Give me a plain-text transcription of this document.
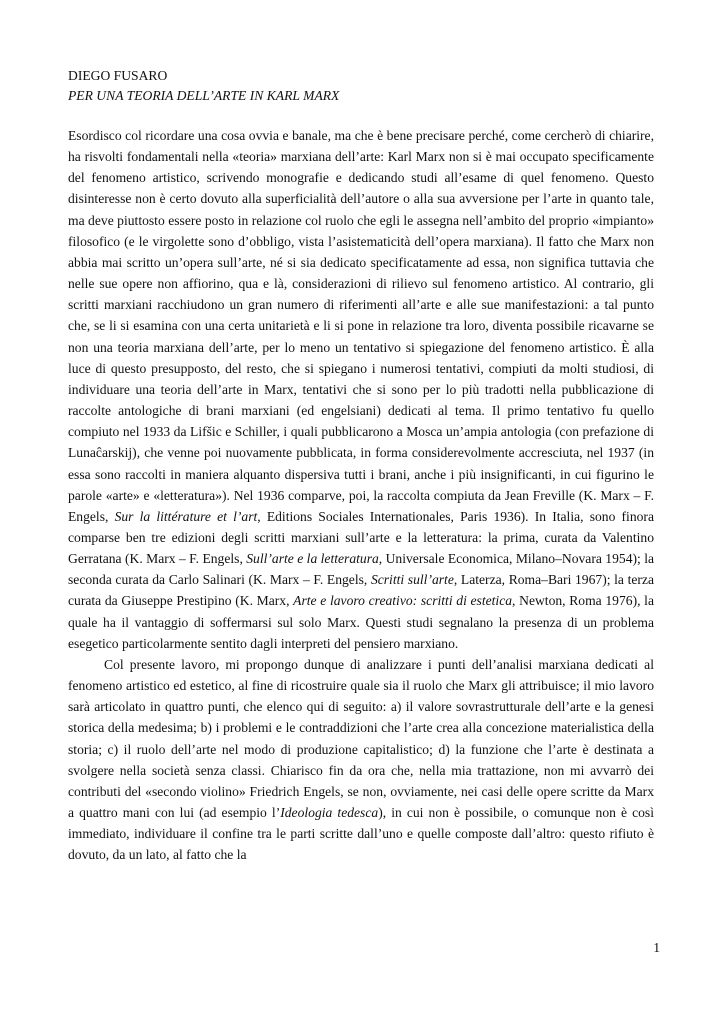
DIEGO FUSARO

PER UNA TEORIA DELL’ARTE IN KARL MARX

Esordisco col ricordare una cosa ovvia e banale, ma che è bene precisare perché, come cercherò di chiarire, ha risvolti fondamentali nella «teoria» marxiana dell’arte: Karl Marx non si è mai occupato specificamente del fenomeno artistico, scrivendo monografie e dedicando studi all’esame di quel fenomeno. Questo disinteresse non è certo dovuto alla superficialità dell’autore o alla sua avversione per l’arte in quanto tale, ma deve piuttosto essere posto in relazione col ruolo che egli le assegna nell’ambito del proprio «impianto» filosofico (e le virgolette sono d’obbligo, vista l’asistematicità dell’opera marxiana). Il fatto che Marx non abbia mai scritto un’opera sull’arte, né si sia dedicato specificatamente ad essa, non significa tuttavia che nelle sue opere non affiorino, qua e là, considerazioni di rilievo sul fenomeno artistico. Al contrario, gli scritti marxiani racchiudono un gran numero di riferimenti all’arte e alle sue manifestazioni: a tal punto che, se li si esamina con una certa unitarietà e li si pone in relazione tra loro, diventa possibile ricavarne se non una teoria marxiana dell’arte, per lo meno un tentativo si spiegazione del fenomeno artistico. È alla luce di questo presupposto, del resto, che si spiegano i numerosi tentativi, compiuti da molti studiosi, di individuare una teoria dell’arte in Marx, tentativi che si sono per lo più tradotti nella pubblicazione di raccolte antologiche di brani marxiani (ed engelsiani) dedicati al tema. Il primo tentativo fu quello compiuto nel 1933 da Lifšic e Schiller, i quali pubblicarono a Mosca un’ampia antologia (con prefazione di Lunaĉarskij), che venne poi nuovamente pubblicata, in forma considerevolmente accresciuta, nel 1937 (in essa sono raccolti in maniera alquanto dispersiva tutti i brani, anche i più insignificanti, in cui figurino le parole «arte» e «letteratura»). Nel 1936 comparve, poi, la raccolta compiuta da Jean Freville (K. Marx – F. Engels, Sur la littérature et l’art, Editions Sociales Internationales, Paris 1936). In Italia, sono finora comparse ben tre edizioni degli scritti marxiani sull’arte e la letteratura: la prima, curata da Valentino Gerratana (K. Marx – F. Engels, Sull’arte e la letteratura, Universale Economica, Milano–Novara 1954); la seconda curata da Carlo Salinari (K. Marx – F. Engels, Scritti sull’arte, Laterza, Roma–Bari 1967); la terza curata da Giuseppe Prestipino (K. Marx, Arte e lavoro creativo: scritti di estetica, Newton, Roma 1976), la quale ha il vantaggio di soffermarsi sul solo Marx. Questi studi segnalano la presenza di un problema esegetico particolarmente sentito dagli interpreti del pensiero marxiano.

Col presente lavoro, mi propongo dunque di analizzare i punti dell’analisi marxiana dedicati al fenomeno artistico ed estetico, al fine di ricostruire quale sia il ruolo che Marx gli attribuisce; il mio lavoro sarà articolato in quattro punti, che elenco qui di seguito: a) il valore sovrastrutturale dell’arte e la genesi storica della medesima; b) i problemi e le contraddizioni che l’arte crea alla concezione materialistica della storia; c) il ruolo dell’arte nel modo di produzione capitalistico; d) la funzione che l’arte è destinata a svolgere nella società senza classi. Chiarisco fin da ora che, nella mia trattazione, non mi avvarrò dei contributi del «secondo violino» Friedrich Engels, se non, ovviamente, nei casi delle opere scritte da Marx a quattro mani con lui (ad esempio l’Ideologia tedesca), in cui non è possibile, o comunque non è così immediato, individuare il confine tra le parti scritte dall’uno e quelle composte dall’altro: questo rifiuto è dovuto, da un lato, al fatto che la

1
